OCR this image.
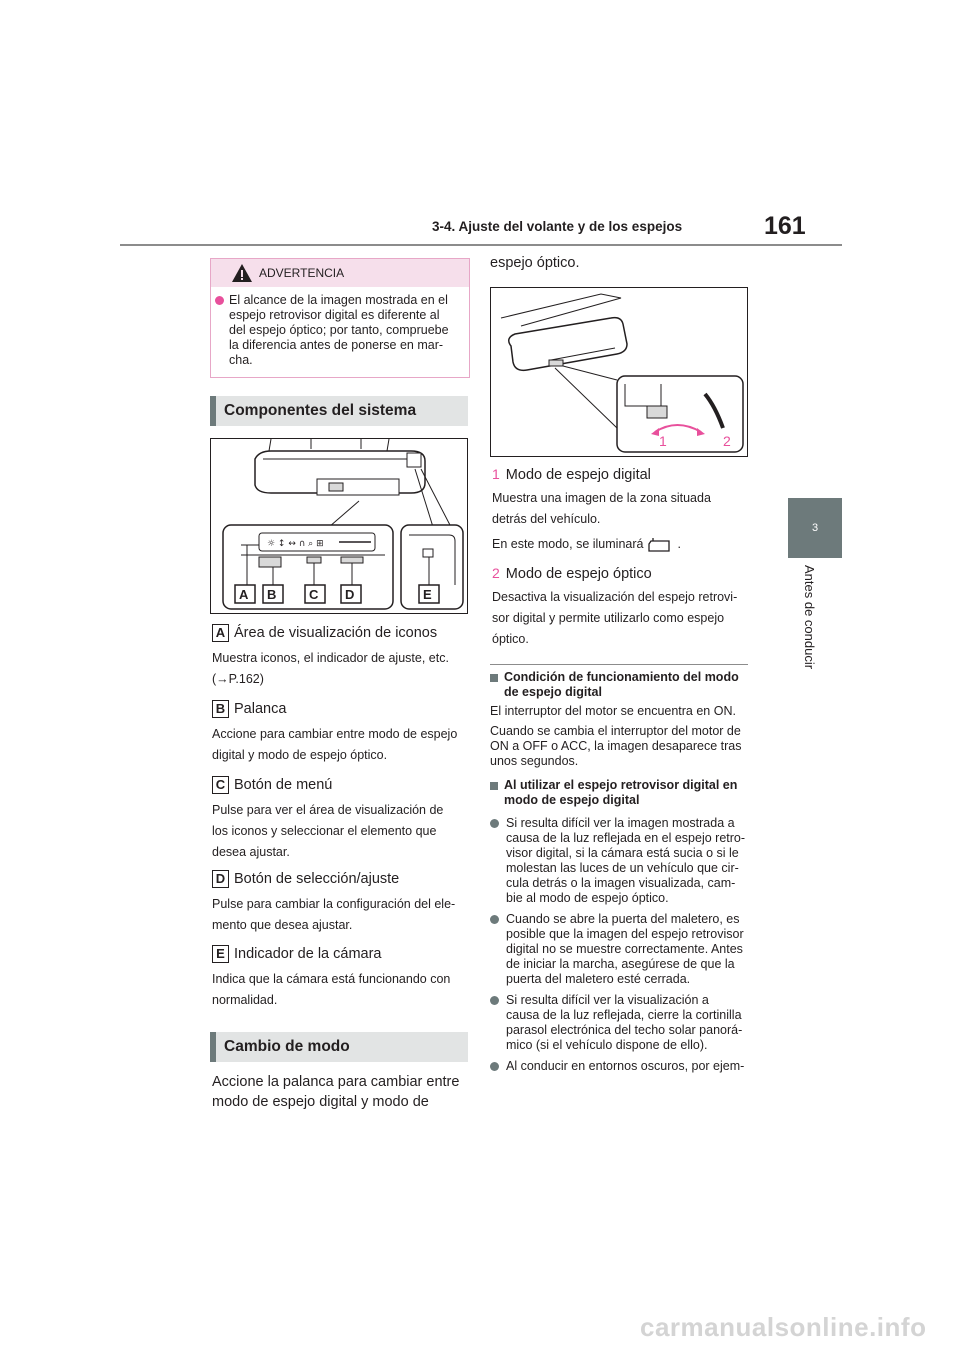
3-4. Ajuste del volante y de los espejos	161
3
Antes de conducir
ADVERTENCIA
El alcance de la imagen mostrada en el espejo retrovisor digital es diferente al del espejo óptico; por tanto, compruebe la diferencia antes de ponerse en mar- cha.
Componentes del sistema
☼ ↕ ↔ ∩ ⌕ ⊞
A B	C D	E
A Área de visualización de iconos
Muestra iconos, el indicador de ajuste, etc.
(→P.162)
B Palanca
Accione para cambiar entre modo de espejo
digital y modo de espejo óptico.
C Botón de menú
Pulse para ver el área de visualización de
los iconos y seleccionar el elemento que
desea ajustar.
D Botón de selección/ajuste
Pulse para cambiar la configuración del ele-
mento que desea ajustar.
E Indicador de la cámara
Indica que la cámara está funcionando con
normalidad.
Cambio de modo
Accione la palanca para cambiar entre
modo de espejo digital y modo de
espejo óptico.
1	2
1 Modo de espejo digital
Muestra una imagen de la zona situada
detrás del vehículo.
En este modo, se iluminará	.
2 Modo de espejo óptico
Desactiva la visualización del espejo retrovi-
sor digital y permite utilizarlo como espejo
óptico.
Condición de funcionamiento del modo
de espejo digital
El interruptor del motor se encuentra en ON.
Cuando se cambia el interruptor del motor de
ON a OFF o ACC, la imagen desaparece tras
unos segundos.
Al utilizar el espejo retrovisor digital en
modo de espejo digital
Si resulta difícil ver la imagen mostrada a
causa de la luz reflejada en el espejo retro-
visor digital, si la cámara está sucia o si le
molestan las luces de un vehículo que cir-
cula detrás o la imagen visualizada, cam-
bie al modo de espejo óptico.
Cuando se abre la puerta del maletero, es
posible que la imagen del espejo retrovisor
digital no se muestre correctamente. Antes
de iniciar la marcha, asegúrese de que la
puerta del maletero esté cerrada.
Si resulta difícil ver la visualización a
causa de la luz reflejada, cierre la cortinilla
parasol electrónica del techo solar panorá-
mico (si el vehículo dispone de ello).
Al conducir en entornos oscuros, por ejem-
carmanualsonline.info
